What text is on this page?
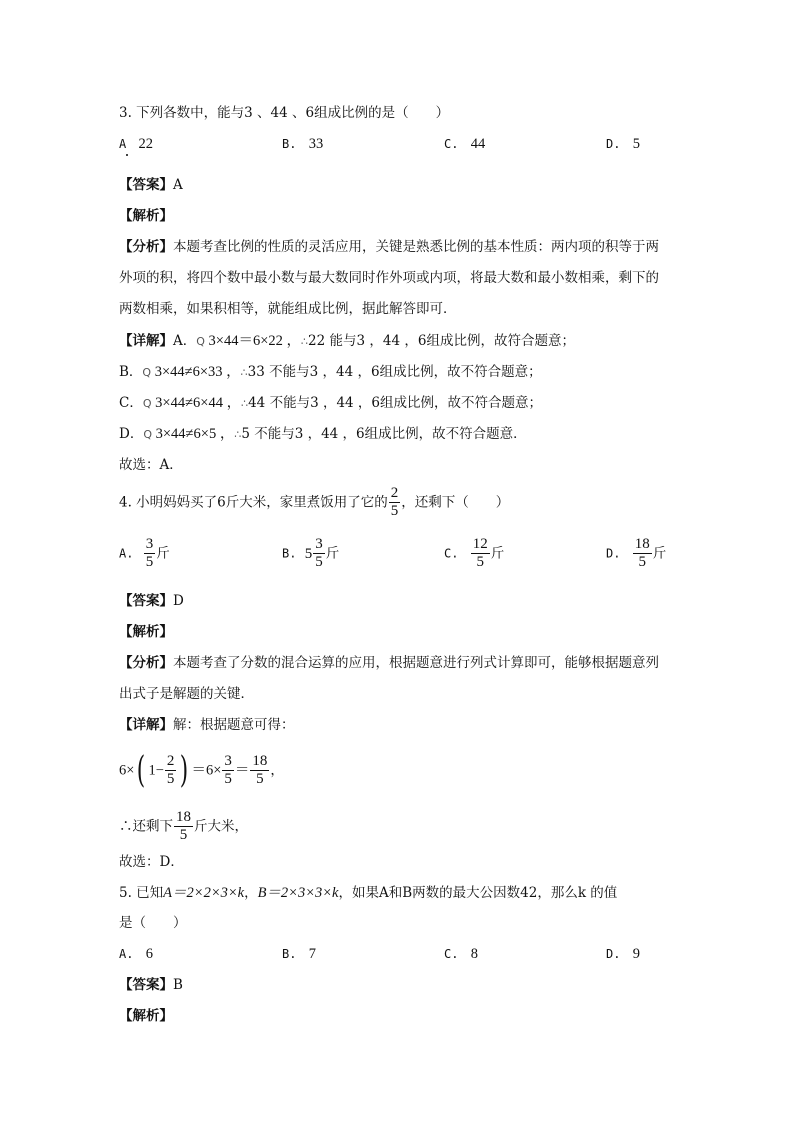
3. 下列各数中，能与3 、44 、6组成比例的是（　　）
A 22	B. 33	C. 44	D. 5
【答案】A
【解析】
【分析】本题考查比例的性质的灵活应用，关键是熟悉比例的基本性质：两内项的积等于两
外项的积，将四个数中最小数与最大数同时作外项或内项，将最大数和最小数相乘，剩下的
两数相乘，如果积相等，就能组成比例，据此解答即可．
【详解】A．Q 3×44＝6×22 ，∴22 能与3 ，44 ，6组成比例，故符合题意；
B．Q 3×44≠6×33 ，∴33 不能与3 ，44 ，6组成比例，故不符合题意；
C．Q 3×44≠6×44 ，∴44 不能与3 ，44 ，6组成比例，故不符合题意；
D．Q 3×44≠6×5 ，∴5 不能与3 ，44 ，6组成比例，故不符合题意．
故选：A．
4. 小明妈妈买了6斤大米，家里煮饭用了它的 $\frac{2}{5}$ ，还剩下（　　）
A. $\frac{3}{5}$ 斤	B. $5 \frac{3}{5}$ 斤	C. $\frac{12}{5}$ 斤	D. $\frac{18}{5}$ 斤
【答案】D
【解析】
【分析】本题考查了分数的混合运算的应用，根据题意进行列式计算即可，能够根据题意列
出式子是解题的关键．
【详解】解：根据题意可得：
6×( $1- \frac{2}{5}$ ) $=6\times \frac{3}{5} = \frac{18}{5}$ ，
∴还剩下 $\frac{18}{5}$ 斤大米，
故选：D．
5. 已知A＝2×2×3×k，B＝2×3×3×k，如果A和B两数的最大公因数42，那么k 的值
是（　　）
A. 6	B. 7	C. 8	D. 9
【答案】B
【解析】
